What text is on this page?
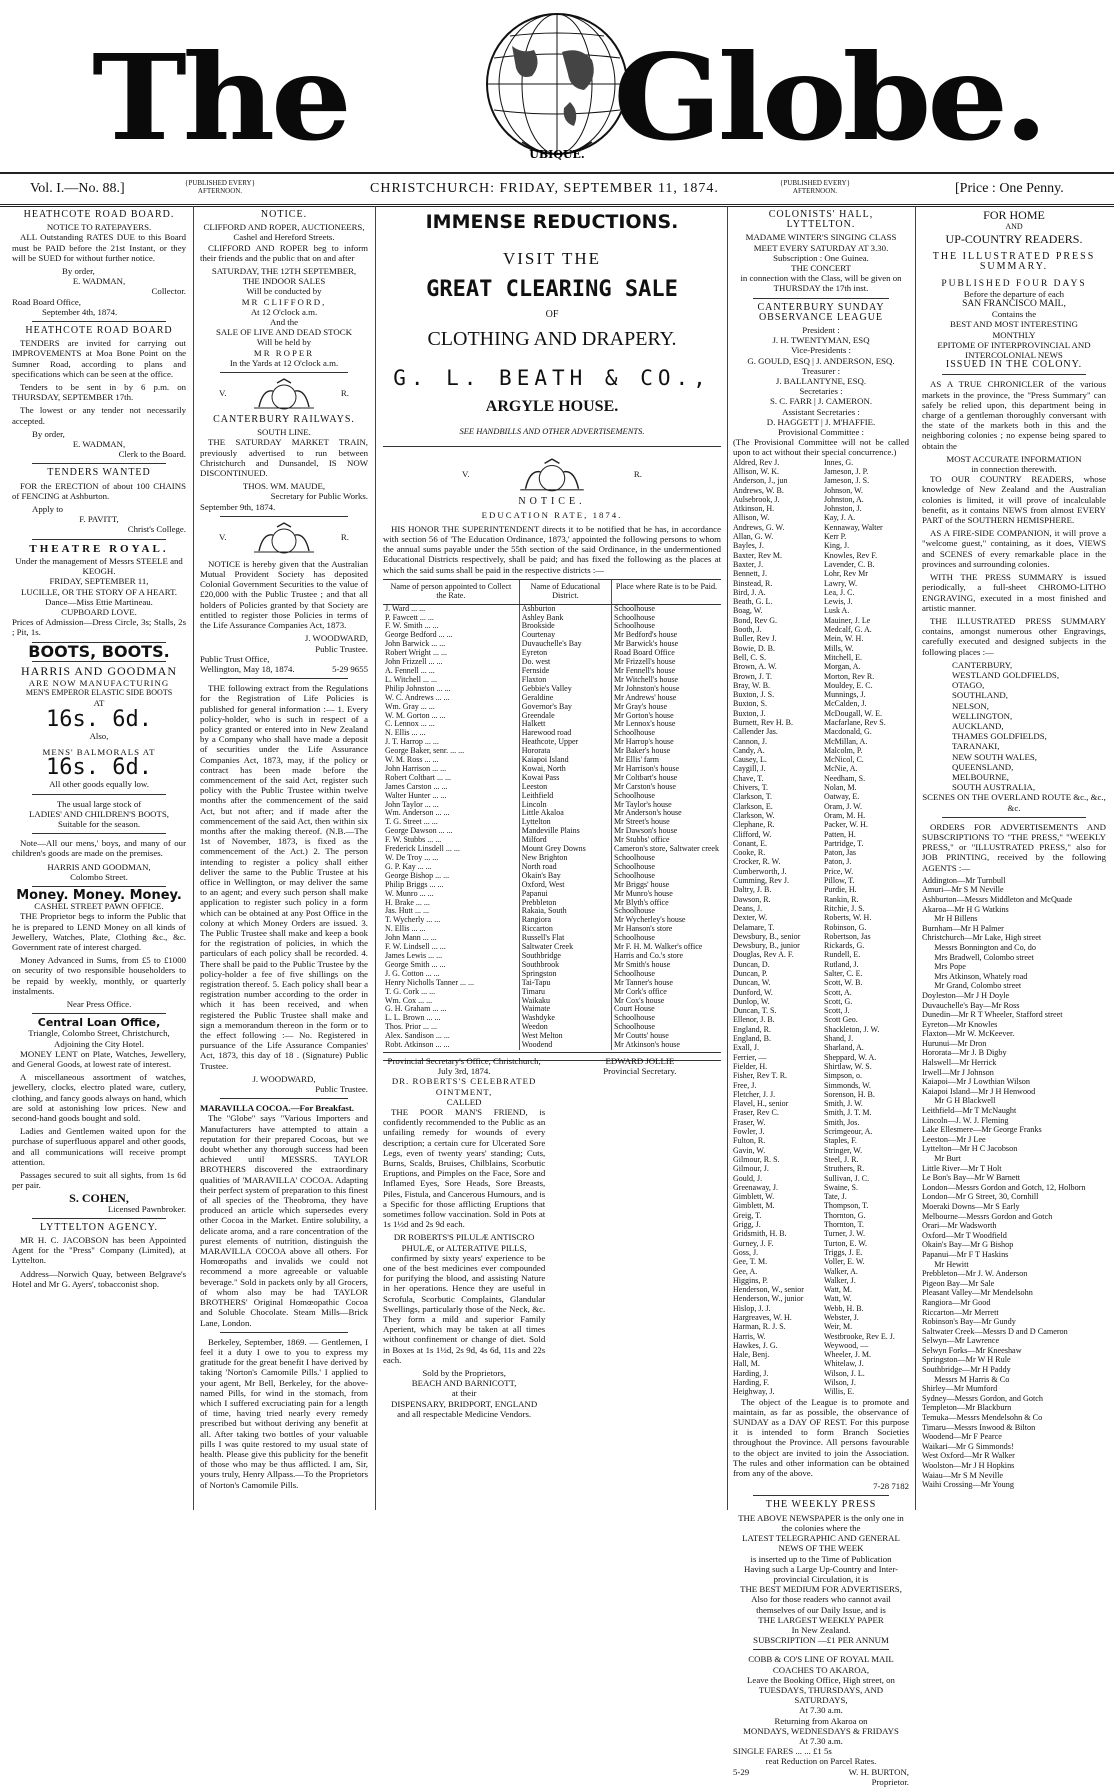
The	UBIQUE. Globe.
Vol. I.—No. 88.]	{PUBLISHED EVERY} AFTERNOON.	CHRISTCHURCH: FRIDAY, SEPTEMBER 11, 1874.	{PUBLISHED EVERY} AFTERNOON.	[Price : One Penny.
HEATHCOTE ROAD BOARD.
NOTICE TO RATEPAYERS.

ALL Outstanding RATES DUE to this Board must be PAID before the 21st Instant, or they will be SUED for without further notice.

By order,
E. WADMAN,
Collector.
Road Board Office,
September 4th, 1874.
HEATHCOTE ROAD BOARD

TENDERS are invited for carrying out IMPROVEMENTS at Moa Bone Point on the Sumner Road, according to plans and specifications which can be seen at the office.

Tenders to be sent in by 6 p.m. on THURSDAY, SEPTEMBER 17th.

The lowest or any tender not necessarily accepted.

By order,
E. WADMAN,
Clerk to the Board.
TENDERS WANTED

FOR the ERECTION of about 100 CHAINS of FENCING at Ashburton.

Apply to
F. PAVITT,
Christ's College.
THEATRE ROYAL.
Under the management of Messrs STEELE and KEOGH.
FRIDAY, SEPTEMBER 11,
LUCILLE, OR THE STORY OF A HEART.
Dance—Miss Ettie Martineau.
CUPBOARD LOVE.
Prices of Admission—Dress Circle, 3s; Stalls, 2s ; Pit, 1s.
BOOTS, BOOTS.
HARRIS AND GOODMAN
ARE NOW MANUFACTURING
MEN'S EMPEROR ELASTIC SIDE BOOTS
AT
16s. 6d.
Also,
MENS' BALMORALS AT
16s. 6d.
All other goods equally low.
The usual large stock of
LADIES' AND CHILDREN'S BOOTS,
Suitable for the season.

Note—All our mens,' boys, and many of our children's goods are made on the premises.

HARRIS AND GOODMAN,
Colombo Street.
Money. Money. Money.
CASHEL STREET PAWN OFFICE.

THE Proprietor begs to inform the Public that he is prepared to LEND Money on all kinds of Jewellery, Watches, Plate, Clothing &c., &c. Government rate of interest charged.

Money Advanced in Sums, from £5 to £1000 on security of two responsible householders to be repaid by weekly, monthly, or quarterly instalments.

Near Press Office.
Central Loan Office,
Triangle, Colombo Street, Christchurch, Adjoining the City Hotel.

MONEY LENT on Plate, Watches, Jewellery, and General Goods, at lowest rate of interest.

A miscellaneous assortment of watches, jewellery, clocks, electro plated ware, cutlery, clothing, and fancy goods always on hand, which are sold at astonishing low prices. New and second-hand goods bought and sold.

Ladies and Gentlemen waited upon for the purchase of superfluous apparel and other goods, and all communications will receive prompt attention.

Passages secured to suit all sights, from 1s 6d per pair.

S. COHEN,
Licensed Pawnbroker.
LYTTELTON AGENCY.

MR H. C. JACOBSON has been Appointed Agent for the "Press" Company (Limited), at Lyttelton.

Address—Norwich Quay, between Belgrave's Hotel and Mr G. Ayers', tobacconist shop.

NOTICE.
CLIFFORD AND ROPER, AUCTIONEERS,
Cashel and Hereford Streets.

CLIFFORD AND ROPER beg to inform their friends and the public that on and after

SATURDAY, THE 12TH SEPTEMBER,
THE INDOOR SALES
Will be conducted by
MR CLIFFORD,
At 12 O'clock a.m.
And the
SALE OF LIVE AND DEAD STOCK
Will be held by
MR ROPER
In the Yards at 12 O'clock a.m.
V.	R.
CANTERBURY RAILWAYS.
SOUTH LINE.

THE SATURDAY MARKET TRAIN, previously advertised to run between Christchurch and Dunsandel, IS NOW DISCONTINUED.

THOS. WM. MAUDE,
Secretary for Public Works.
September 9th, 1874.
V.	R.

NOTICE is hereby given that the Australian Mutual Provident Society has deposited Colonial Government Securities to the value of £20,000 with the Public Trustee ; and that all holders of Policies granted by that Society are entitled to register those Policies in terms of the Life Assurance Companies Act, 1873.

J. WOODWARD,
Public Trustee.
Public Trust Office,
Wellington, May 18, 1874.	5-29 9655

THE following extract from the Regulations for the Registration of Life Policies is published for general information :— 1. Every policy-holder, who is such in respect of a policy granted or entered into in New Zealand by a Company who shall have made a deposit of securities under the Life Assurance Companies Act, 1873, may, if the policy or contract has been made before the commencement of the said Act, register such policy with the Public Trustee within twelve months after the commencement of the said Act, but not after; and if made after the commencement of the said Act, then within six months after the making thereof. (N.B.—The 1st of November, 1873, is fixed as the commencement of the Act.) 2. The person intending to register a policy shall either deliver the same to the Public Trustee at his office in Wellington, or may deliver the same to an agent; and every such person shall make application to register such policy in a form which can be obtained at any Post Office in the colony at which Money Orders are issued. 3. The Public Trustee shall make and keep a book for the registration of policies, in which the particulars of each policy shall be recorded. 4. There shall be paid to the Public Trustee by the policy-holder a fee of five shillings on the registration thereof. 5. Each policy shall bear a registration number according to the order in which it has been received, and when registered the Public Trustee shall make and sign a memorandum thereon in the form or to the effect following :— No. Registered in pursuance of the Life Assurance Companies' Act, 1873, this day of 18 . (Signature) Public Trustee.

J. WOODWARD,
Public Trustee.
MARAVILLA COCOA.—For Breakfast.

The "Globe" says "Various Importers and Manufacturers have attempted to attain a reputation for their prepared Cocoas, but we doubt whether any thorough success had been achieved until MESSRS. TAYLOR BROTHERS discovered the extraordinary qualities of 'MARAVILLA' COCOA. Adapting their perfect system of preparation to this finest of all species of the Theobroma, they have produced an article which supersedes every other Cocoa in the Market. Entire solubility, a delicate aroma, and a rare concentration of the purest elements of nutrition, distinguish the MARAVILLA COCOA above all others. For Homœopaths and invalids we could not recommend a more agreeable or valuable beverage." Sold in packets only by all Grocers, of whom also may be had TAYLOR BROTHERS' Original Homœopathic Cocoa and Soluble Chocolate. Steam Mills—Brick Lane, London.

Berkeley, September, 1869. — Gentlemen, I feel it a duty I owe to you to express my gratitude for the great benefit I have derived by taking 'Norton's Camomile Pills.' I applied to your agent, Mr Bell, Berkeley, for the above-named Pills, for wind in the stomach, from which I suffered excruciating pain for a length of time, having tried nearly every remedy prescribed but without deriving any benefit at all. After taking two bottles of your valuable pills I was quite restored to my usual state of health. Please give this publicity for the benefit of those who may be thus afflicted. I am, Sir, yours truly, Henry Allpass.—To the Proprietors of Norton's Camomile Pills.

IMMENSE REDUCTIONS.
VISIT THE
GREAT CLEARING SALE
OF
CLOTHING AND DRAPERY.
G. L. BEATH & CO.,
ARGYLE HOUSE.
SEE HANDBILLS AND OTHER ADVERTISEMENTS.
V.	R.
NOTICE.
EDUCATION RATE, 1874.

HIS HONOR THE SUPERINTENDENT directs it to be notified that he has, in accordance with section 56 of 'The Education Ordinance, 1873,' appointed the following persons to whom the annual sums payable under the 55th section of the said Ordinance, in the undermentioned Educational Districts respectively, shall be paid; and has fixed the following as the places at which the said sums shall be paid in the respective districts :—

Name of person appointed to Collect the Rate.	Name of Educational District.	Place where Rate is to be Paid.
J. Ward ... ...	Ashburton	Schoolhouse
P. Fawcett ... ...	Ashley Bank	Schoolhouse
F. W. Smith ... ...	Brookside	Schoolhouse
George Bedford ... ...	Courtenay	Mr Bedford's house
John Barwick ... ...	Duvauchelle's Bay	Mr Barwick's house
Robert Wright ... ...	Eyreton	Road Board Office
John Frizzell ... ...	Do. west	Mr Frizzell's house
A. Fennell ... ...	Fernside	Mr Fennell's house
L. Witchell ... ...	Flaxton	Mr Witchell's house
Philip Johnston ... ...	Gebbie's Valley	Mr Johnston's house
W. C. Andrews ... ...	Geraldine	Mr Andrews' house
Wm. Gray ... ...	Governor's Bay	Mr Gray's house
W. M. Gorton ... ...	Greendale	Mr Gorton's house
C. Lennox ... ...	Halkett	Mr Lennox's house
N. Ellis ... ...	Harewood road	Schoolhouse
J. T. Harrop ... ...	Heathcote, Upper	Mr Harrop's house
George Baker, senr. ... ...	Hororata	Mr Baker's house
W. M. Ross ... ...	Kaiapoi Island	Mr Ellis' farm
John Harrison ... ...	Kowai, North	Mr Harrison's house
Robert Coltbart ... ...	Kowai Pass	Mr Coltbart's house
James Carston ... ...	Leeston	Mr Carston's house
Walter Hunter ... ...	Leithfield	Schoolhouse
John Taylor ... ...	Lincoln	Mr Taylor's house
Wm. Anderson ... ...	Little Akaloa	Mr Anderson's house
T. G. Street ... ...	Lyttelton	Mr Street's house
George Dawson ... ...	Mandeville Plains	Mr Dawson's house
F. W. Stubbs ... ...	Milford	Mr Stubbs' office
Frederick Linsdell ... ...	Mount Grey Downs	Cameron's store, Saltwater creek
W. De Troy ... ...	New Brighton	Schoolhouse
G. P. Kay ... ...	North road	Schoolhouse
George Bishop ... ...	Okain's Bay	Schoolhouse
Philip Briggs ... ...	Oxford, West	Mr Briggs' house
W. Munro ... ...	Papanui	Mr Munro's house
H. Brake ... ...	Prebbleton	Mr Blyth's office
Jas. Hutt ... ...	Rakaia, South	Schoolhouse
T. Wycherly ... ...	Rangiora	Mr Wycherley's house
N. Ellis ... ...	Riccarton	Mr Hanson's store
John Mann ... ...	Russell's Flat	Schoolhouse
F. W. Lindsell ... ...	Saltwater Creek	Mr F. H. M. Walker's office
James Lewis ... ...	Southbridge	Harris and Co.'s store
George Smith ... ...	Southbrook	Mr Smith's house
J. G. Cotton ... ...	Springston	Schoolhouse
Henry Nicholls Tanner ... ...	Tai-Tapu	Mr Tanner's house
T. G. Cork ... ...	Timaru	Mr Cork's office
Wm. Cox ... ...	Waikaku	Mr Cox's house
G. H. Graham ... ...	Waimate	Court House
L. L. Brown ... ...	Washdyke	Schoolhouse
Thos. Prior ... ...	Weedon	Schoolhouse
Alex. Sandison ... ...	West Melton	Mr Coutts' house
Robt. Atkinson ... ...	Woodend	Mr Atkinson's house
Provincial Secretary's Office, Christchurch, July 3rd, 1874.
EDWARD JOLLIE
Provincial Secretary.
DR. ROBERTS'S CELEBRATED OINTMENT,
CALLED

THE POOR MAN'S FRIEND, is confidently recommended to the Public as an unfailing remedy for wounds of every description; a certain cure for Ulcerated Sore Legs, even of twenty years' standing; Cuts, Burns, Scalds, Bruises, Chilblains, Scorbutic Eruptions, and Pimples on the Face, Sore and Inflamed Eyes, Sore Heads, Sore Breasts, Piles, Fistula, and Cancerous Humours, and is a Specific for those afflicting Eruptions that sometimes follow vaccination. Sold in Pots at 1s 1½d and 2s 9d each.

DR ROBERTS'S PILULÆ ANTISCRO PHULÆ, or ALTERATIVE PILLS,

confirmed by sixty years' experience to be one of the best medicines ever compounded for purifying the blood, and assisting Nature in her operations. Hence they are useful in Scrofula, Scorbutic Complaints, Glandular Swellings, particularly those of the Neck, &c. They form a mild and superior Family Aperient, which may be taken at all times without confinement or change of diet. Sold in Boxes at 1s 1½d, 2s 9d, 4s 6d, 11s and 22s each.

Sold by the Proprietors,
BEACH AND BARNICOTT,
at their
DISPENSARY, BRIDPORT, ENGLAND
and all respectable Medicine Vendors.
COLONISTS' HALL, LYTTELTON.
MADAME WINTER'S SINGING CLASS MEET EVERY SATURDAY AT 3.30.
Subscription : One Guinea.
THE CONCERT
in connection with the Class, will be given on THURSDAY the 17th inst.
CANTERBURY SUNDAY OBSERVANCE LEAGUE
President :
J. H. TWENTYMAN, ESQ
Vice-Presidents :
G. GOULD, ESQ | J. ANDERSON, ESQ.
Treasurer :
J. BALLANTYNE, ESQ.
Secretaries :
S. C. FARR | J. CAMERON.
Assistant Secretaries :
D. HAGGETT | J. M'HAFFIE.
Provisional Committee :
(The Provisional Committee will not be called upon to act without their special concurrence.)
Aldred, Rev J.
Allison, W. K.
Anderson, J., jun
Andrews, W. B.
Aulsebrook, J.
Atkinson, H.
Allison, W.
Andrews, G. W.
Allan, G. W.
Bayles, J.
Baxter, Rev M.
Baxter, J.
Bennett, J.
Binstead, R.
Bird, J. A.
Beath, G. L.
Boag, W.
Bond, Rev G.
Booth, J.
Buller, Rev J.
Bowie, D. B.
Bell, C. S.
Brown, A. W.
Brown, J. T.
Bray, W. B.
Buxton, J. S.
Buxton, S.
Buxton, J.
Burnett, Rev H. B.
Callender Jas.
Cannon, J.
Candy, A.
Causey, L.
Caygill, J.
Chave, T.
Chivers, T.
Clarkson, T.
Clarkson, E.
Clarkson, W.
Clephane, R.
Clifford, W.
Conant, E.
Cooke, R.
Crocker, R. W.
Cumberworth, J.
Cumming, Rev J.
Daltry, J. B.
Dawson, R.
Deans, J.
Dexter, W.
Delamare, T.
Dewsbury, B., senior
Dewsbury, B., junior
Douglas, Rev A. F.
Duncan, D.
Duncan, P.
Duncan, W.
Dunford, W.
Dunlop, W.
Duncan, T. S.
Ellenor, J. B.
England, R.
England, B.
Exall, J.
Ferrier, —
Fielder, H.
Fisher, Rev T. R.
Free, J.
Fletcher, J. J.
Flavel, H., senior
Fraser, Rev C.
Fraser, W.
Fowler, J.
Fulton, R.
Gavin, W.
Gilmour, R. S.
Gilmour, J.
Gould, J.
Greenaway, J.
Gimblett, W.
Gimblett, M.
Greig, T.
Grigg, J.
Gridsmith, H. B.
Gurney, J. F.
Goss, J.
Gee, T. M.
Gee, A.
Higgins, P.
Henderson, W., senior
Henderson, W., junior
Hislop, J. J.
Hargreaves, W. H.
Harman, R. J. S.
Harris, W.
Hawkes, J. G.
Hale, Benj.
Hall, M.
Harding, J.
Harding, F.
Heighway, J.
Innes, G.
Jameson, J. P.
Jameson, J. S.
Johnson, W.
Johnston, A.
Johnston, J.
Kay, J. A.
Kennaway, Walter
Kerr P.
King, J.
Knowles, Rev F.
Lavender, C. B.
Lohr, Rev Mr
Lawry, W.
Lea, J. C.
Lewis, J.
Lusk A.
Mauiner, J. Le
Medcalf, G. A.
Mein, W. H.
Mills, W.
Mitchell, E.
Morgan, A.
Morton, Rev R.
Mouldey, E. C.
Munnings, J.
McCalden, J.
McDougall, W. E.
Macfarlane, Rev S.
Macdonald, G.
McMillan, A.
Malcolm, P.
McNicol, C.
McNie, A.
Needham, S.
Nolan, M.
Oatway, E.
Oram, J. W.
Oram, M. H.
Packer, W. H.
Patten, H.
Partridge, T.
Paton, Jas
Paton, J.
Price, W.
Pillow, T.
Purdie, H.
Rankin, R.
Ritchie, J. S.
Roberts, W. H.
Robinson, G.
Robertson, Jas
Rickards, G.
Rundell, E.
Rutland, J.
Salter, C. E.
Scott, W. B.
Scott, A.
Scott, G.
Scott, J.
Scott Geo.
Shackleton, J. W.
Shand, J.
Sharland, A.
Sheppard, W. A.
Shirtlaw, W. S.
Simpson, o.
Simmonds, W.
Sorenson, H. B.
Smith, J. W.
Smith, J. T. M.
Smith, Jos.
Scrimgeour, A.
Staples, F.
Stringer, W.
Steel, J. R.
Struthers, R.
Sullivan, J. C.
Swaine, S.
Tate, J.
Thompson, T.
Thornton, G.
Thornton, T.
Turner, J. W.
Turton, E. W.
Triggs, J. E.
Voller, E. W.
Walker, A.
Walker, J.
Watt, M.
Watt, W.
Webb, H. B.
Webster, J.
Weir, M.
Westbrooke, Rev E. J.
Weywood, —
Wheeler, J. M.
Whitelaw, J.
Wilson, J. L.
Wilson, J.
Willis, E.

The object of the League is to promote and maintain, as far as possible, the observance of SUNDAY as a DAY OF REST. For this purpose it is intended to form Branch Societies throughout the Province. All persons favourable to the object are invited to join the Association. The rules and other information can be obtained from any of the above.

7-28 7182
THE WEEKLY PRESS
THE ABOVE NEWSPAPER is the only one in the colonies where the
LATEST TELEGRAPHIC AND GENERAL NEWS OF THE WEEK
is inserted up to the Time of Publication
Having such a Large Up-Country and Inter-provincial Circulation, it is
THE BEST MEDIUM FOR ADVERTISERS,
Also for those readers who cannot avail themselves of our Daily Issue, and is
THE LARGEST WEEKLY PAPER
In New Zealand.
SUBSCRIPTION —£1 PER ANNUM
COBB & CO'S LINE OF ROYAL MAIL COACHES TO AKAROA,
Leave the Booking Office, High street, on
TUESDAYS, THURSDAYS, AND SATURDAYS,
At 7.30 a.m.
Returning from Akaroa on
MONDAYS, WEDNESDAYS & FRIDAYS
At 7.30 a.m.
SINGLE FARES ... ... £1 5s
reat Reduction on Parcel Rates.
5-29	W. H. BURTON,
Proprietor.
FOR HOME
AND
UP-COUNTRY READERS.
THE ILLUSTRATED PRESS SUMMARY.
PUBLISHED FOUR DAYS
Before the departure of each
SAN FRANCISCO MAIL,
Contains the
BEST AND MOST INTERESTING
MONTHLY
EPITOME OF INTERPROVINCIAL AND INTERCOLONIAL NEWS
ISSUED IN THE COLONY.

AS A TRUE CHRONICLER of the various markets in the province, the "Press Summary" can safely be relied upon, this department being in charge of a gentleman thoroughly conversant with the state of the markets both in this and the neighboring colonies ; no expense being spared to obtain the

MOST ACCURATE INFORMATION
in connection therewith.

TO OUR COUNTRY READERS, whose knowledge of New Zealand and the Australian colonies is limited, it will prove of incalculable benefit, as it contains NEWS from almost EVERY PART of the SOUTHERN HEMISPHERE.

AS A FIRE-SIDE COMPANION, it will prove a "welcome guest," containing, as it does, VIEWS and SCENES of every remarkable place in the provinces and surrounding colonies.

WITH THE PRESS SUMMARY is issued periodically, a full-sheet CHROMO-LITHO ENGRAVING, executed in a most finished and artistic manner.

THE ILLUSTRATED PRESS SUMMARY contains, amongst numerous other Engravings, carefully executed and designed subjects in the following places :—

CANTERBURY,
WESTLAND GOLDFIELDS,
OTAGO,
SOUTHLAND,
NELSON,
WELLINGTON,
AUCKLAND,
THAMES GOLDFIELDS,
TARANAKI,
NEW SOUTH WALES,
QUEENSLAND,
MELBOURNE,
SOUTH AUSTRALIA,
SCENES ON THE OVERLAND ROUTE &c., &c., &c.

ORDERS FOR ADVERTISEMENTS AND SUBSCRIPTIONS TO "THE PRESS," "WEEKLY PRESS," or "ILLUSTRATED PRESS," also for JOB PRINTING, received by the following AGENTS :—

Addington—Mr Turnbull
Amuri—Mr S M Neville
Ashburton—Messrs Middleton and McQuade
Akaroa—Mr H G Watkins
Mr H Billens
Burnham—Mr H Palmer
Christchurch—Mr Lake, High street
Messrs Bonnington and Co, do
Mrs Bradwell, Colombo street
Mrs Pope
Mrs Atkinson, Whately road
Mr Grand, Colombo street
Doyleston—Mr J H Doyle
Duvauchelle's Bay—Mr Ross
Dunedin—Mr R T Wheeler, Stafford street
Eyreton—Mr Knowles
Flaxton—Mr W. McKeever.
Hurunui—Mr Dron
Hororata—Mr J. B Digby
Halswell—Mr Herrick
Irwell—Mr J Johnson
Kaiapoi—Mr J Lowthian Wilson
Kaiapoi Island—Mr J H Henwood
Mr G H Blackwell
Leithfield—Mr T McNaught
Lincoln—J. W. J. Fleming
Lake Ellesmere—Mr George Franks
Leeston—Mr J Lee
Lyttelton—Mr H C Jacobson
Mr Burt
Little River—Mr T Holt
Le Bon's Bay—Mr W Barnett
London—Messrs Gordon and Gotch, 12, Holborn
London—Mr G Street, 30, Cornhill
Moeraki Downs—Mr S Early
Melbourne—Messrs Gordon and Gotch
Orari—Mr Wadsworth
Oxford—Mr T Woodfield
Okain's Bay—Mr G Bishop
Papanui—Mr F T Haskins
Mr Hewitt
Prebbleton—Mr J. W. Anderson
Pigeon Bay—Mr Sale
Pleasant Valley—Mr Mendelsohn
Rangiora—Mr Good
Riccarton—Mr Merrett
Robinson's Bay—Mr Gundy
Saltwater Creek—Messrs D and D Cameron
Selwyn—Mr Lawrence
Selwyn Forks—Mr Kneeshaw
Springston—Mr W H Rule
Southbridge—Mr H Paddy
Messrs M Harris & Co
Shirley—Mr Mumford
Sydney—Messrs Gordon, and Gotch
Templeton—Mr Blackburn
Temuka—Messrs Mendelsohn & Co
Timaru—Messrs Inwood & Bilton
Woodend—Mr F Pearce
Waikari—Mr G Simmonds!
West Oxford—Mr R Walker
Woolston—Mr J H Hopkins
Waiau—Mr S M Neville
Waihi Crossing—Mr Young
